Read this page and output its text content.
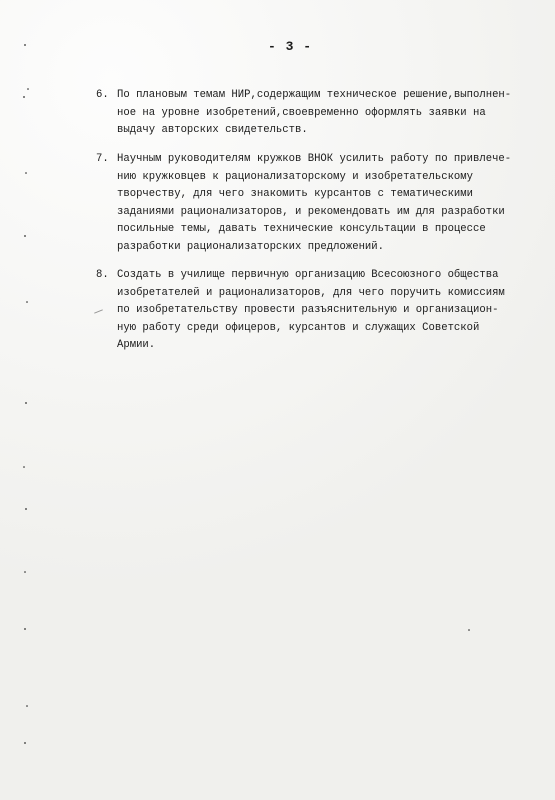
- 3 -
6. По плановым темам НИР,содержащим техническое решение,выполнен-
ное на уровне изобретений,своевременно оформлять заявки на
выдачу авторских свидетельств.
7. Научным руководителям кружков ВНОК усилить работу по привлече-
нию кружковцев к рационализаторскому и изобретательскому
творчеству, для чего знакомить курсантов с тематическими
заданиями рационализаторов, и рекомендовать им для разработки
посильные темы, давать технические консультации в процессе
разработки рационализаторских предложений.
8. Создать в училище первичную организацию Всесоюзного общества
изобретателей и рационализаторов, для чего поручить комиссиям
по изобретательству провести разъяснительную и организацион-
ную работу среди офицеров, курсантов и служащих Советской
Армии.
